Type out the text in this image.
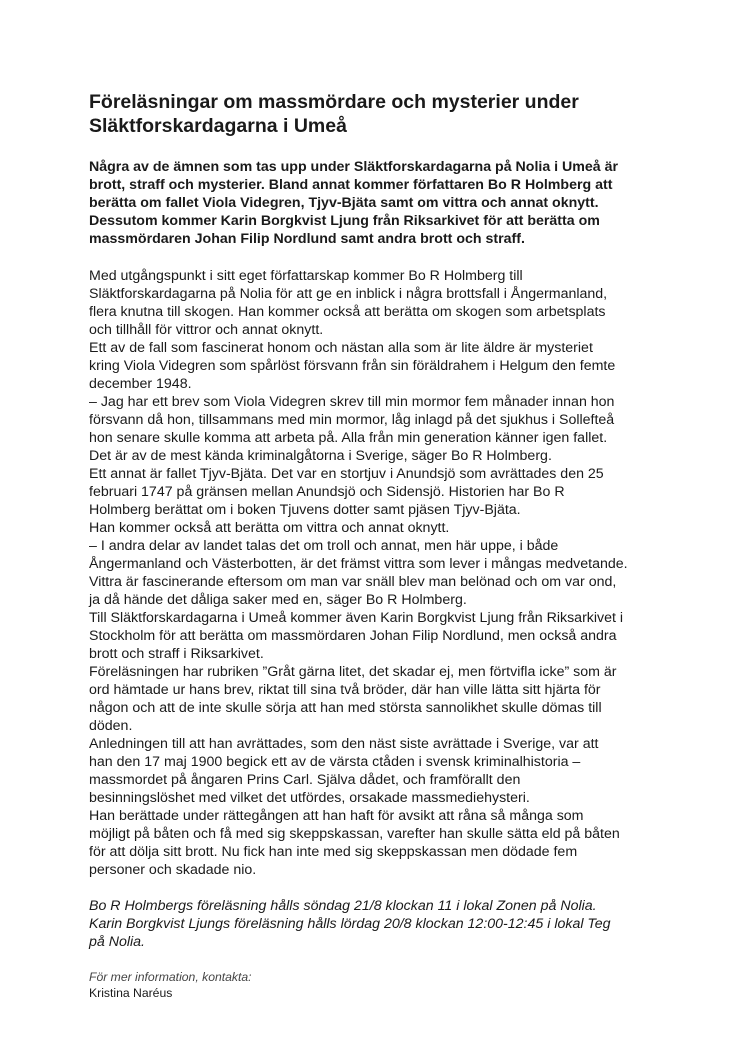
Föreläsningar om massmördare och mysterier under
Släktforskardagarna i Umeå
Några av de ämnen som tas upp under Släktforskardagarna på Nolia i Umeå är
brott, straff och mysterier. Bland annat kommer författaren Bo R Holmberg att
berätta om fallet Viola Videgren, Tjyv-Bjäta samt om vittra och annat oknytt.
Dessutom kommer Karin Borgkvist Ljung från Riksarkivet för att berätta om
massmördaren Johan Filip Nordlund samt andra brott och straff.
Med utgångspunkt i sitt eget författarskap kommer Bo R Holmberg till
Släktforskardagarna på Nolia för att ge en inblick i några brottsfall i Ångermanland,
flera knutna till skogen. Han kommer också att berätta om skogen som arbetsplats
och tillhåll för vittror och annat oknytt.
Ett av de fall som fascinerat honom och nästan alla som är lite äldre är mysteriet
kring Viola Videgren som spårlöst försvann från sin föräldrahem i Helgum den femte
december 1948.
– Jag har ett brev som Viola Videgren skrev till min mormor fem månader innan hon
försvann då hon, tillsammans med min mormor, låg inlagd på det sjukhus i Sollefteå
hon senare skulle komma att arbeta på. Alla från min generation känner igen fallet.
Det är av de mest kända kriminalgåtorna i Sverige, säger Bo R Holmberg.
Ett annat är fallet Tjyv-Bjäta. Det var en stortjuv i Anundsjö som avrättades den 25
februari 1747 på gränsen mellan Anundsjö och Sidensjö. Historien har Bo R
Holmberg berättat om i boken Tjuvens dotter samt pjäsen Tjyv-Bjäta.
Han kommer också att berätta om vittra och annat oknytt.
– I andra delar av landet talas det om troll och annat, men här uppe, i både
Ångermanland och Västerbotten, är det främst vittra som lever i mångas medvetande.
Vittra är fascinerande eftersom om man var snäll blev man belönad och om var ond,
ja då hände det dåliga saker med en, säger Bo R Holmberg.
Till Släktforskardagarna i Umeå kommer även Karin Borgkvist Ljung från Riksarkivet i
Stockholm för att berätta om massmördaren Johan Filip Nordlund, men också andra
brott och straff i Riksarkivet.
Föreläsningen har rubriken ”Gråt gärna litet, det skadar ej, men förtvifla icke” som är
ord hämtade ur hans brev, riktat till sina två bröder, där han ville lätta sitt hjärta för
någon och att de inte skulle sörja att han med största sannolikhet skulle dömas till
döden.
Anledningen till att han avrättades, som den näst siste avrättade i Sverige, var att
han den 17 maj 1900 begick ett av de värsta ctåden i svensk kriminalhistoria –
massmordet på ångaren Prins Carl. Själva dådet, och framförallt den
besinningslöshet med vilket det utfördes, orsakade massmediehysteri.
Han berättade under rättegången att han haft för avsikt att råna så många som
möjligt på båten och få med sig skeppskassan, varefter han skulle sätta eld på båten
för att dölja sitt brott. Nu fick han inte med sig skeppskassan men dödade fem
personer och skadade nio.
Bo R Holmbergs föreläsning hålls söndag 21/8 klockan 11 i lokal Zonen på Nolia.
Karin Borgkvist Ljungs föreläsning hålls lördag 20/8 klockan 12:00-12:45 i lokal Teg
på Nolia.
För mer information, kontakta:
Kristina Naréus
